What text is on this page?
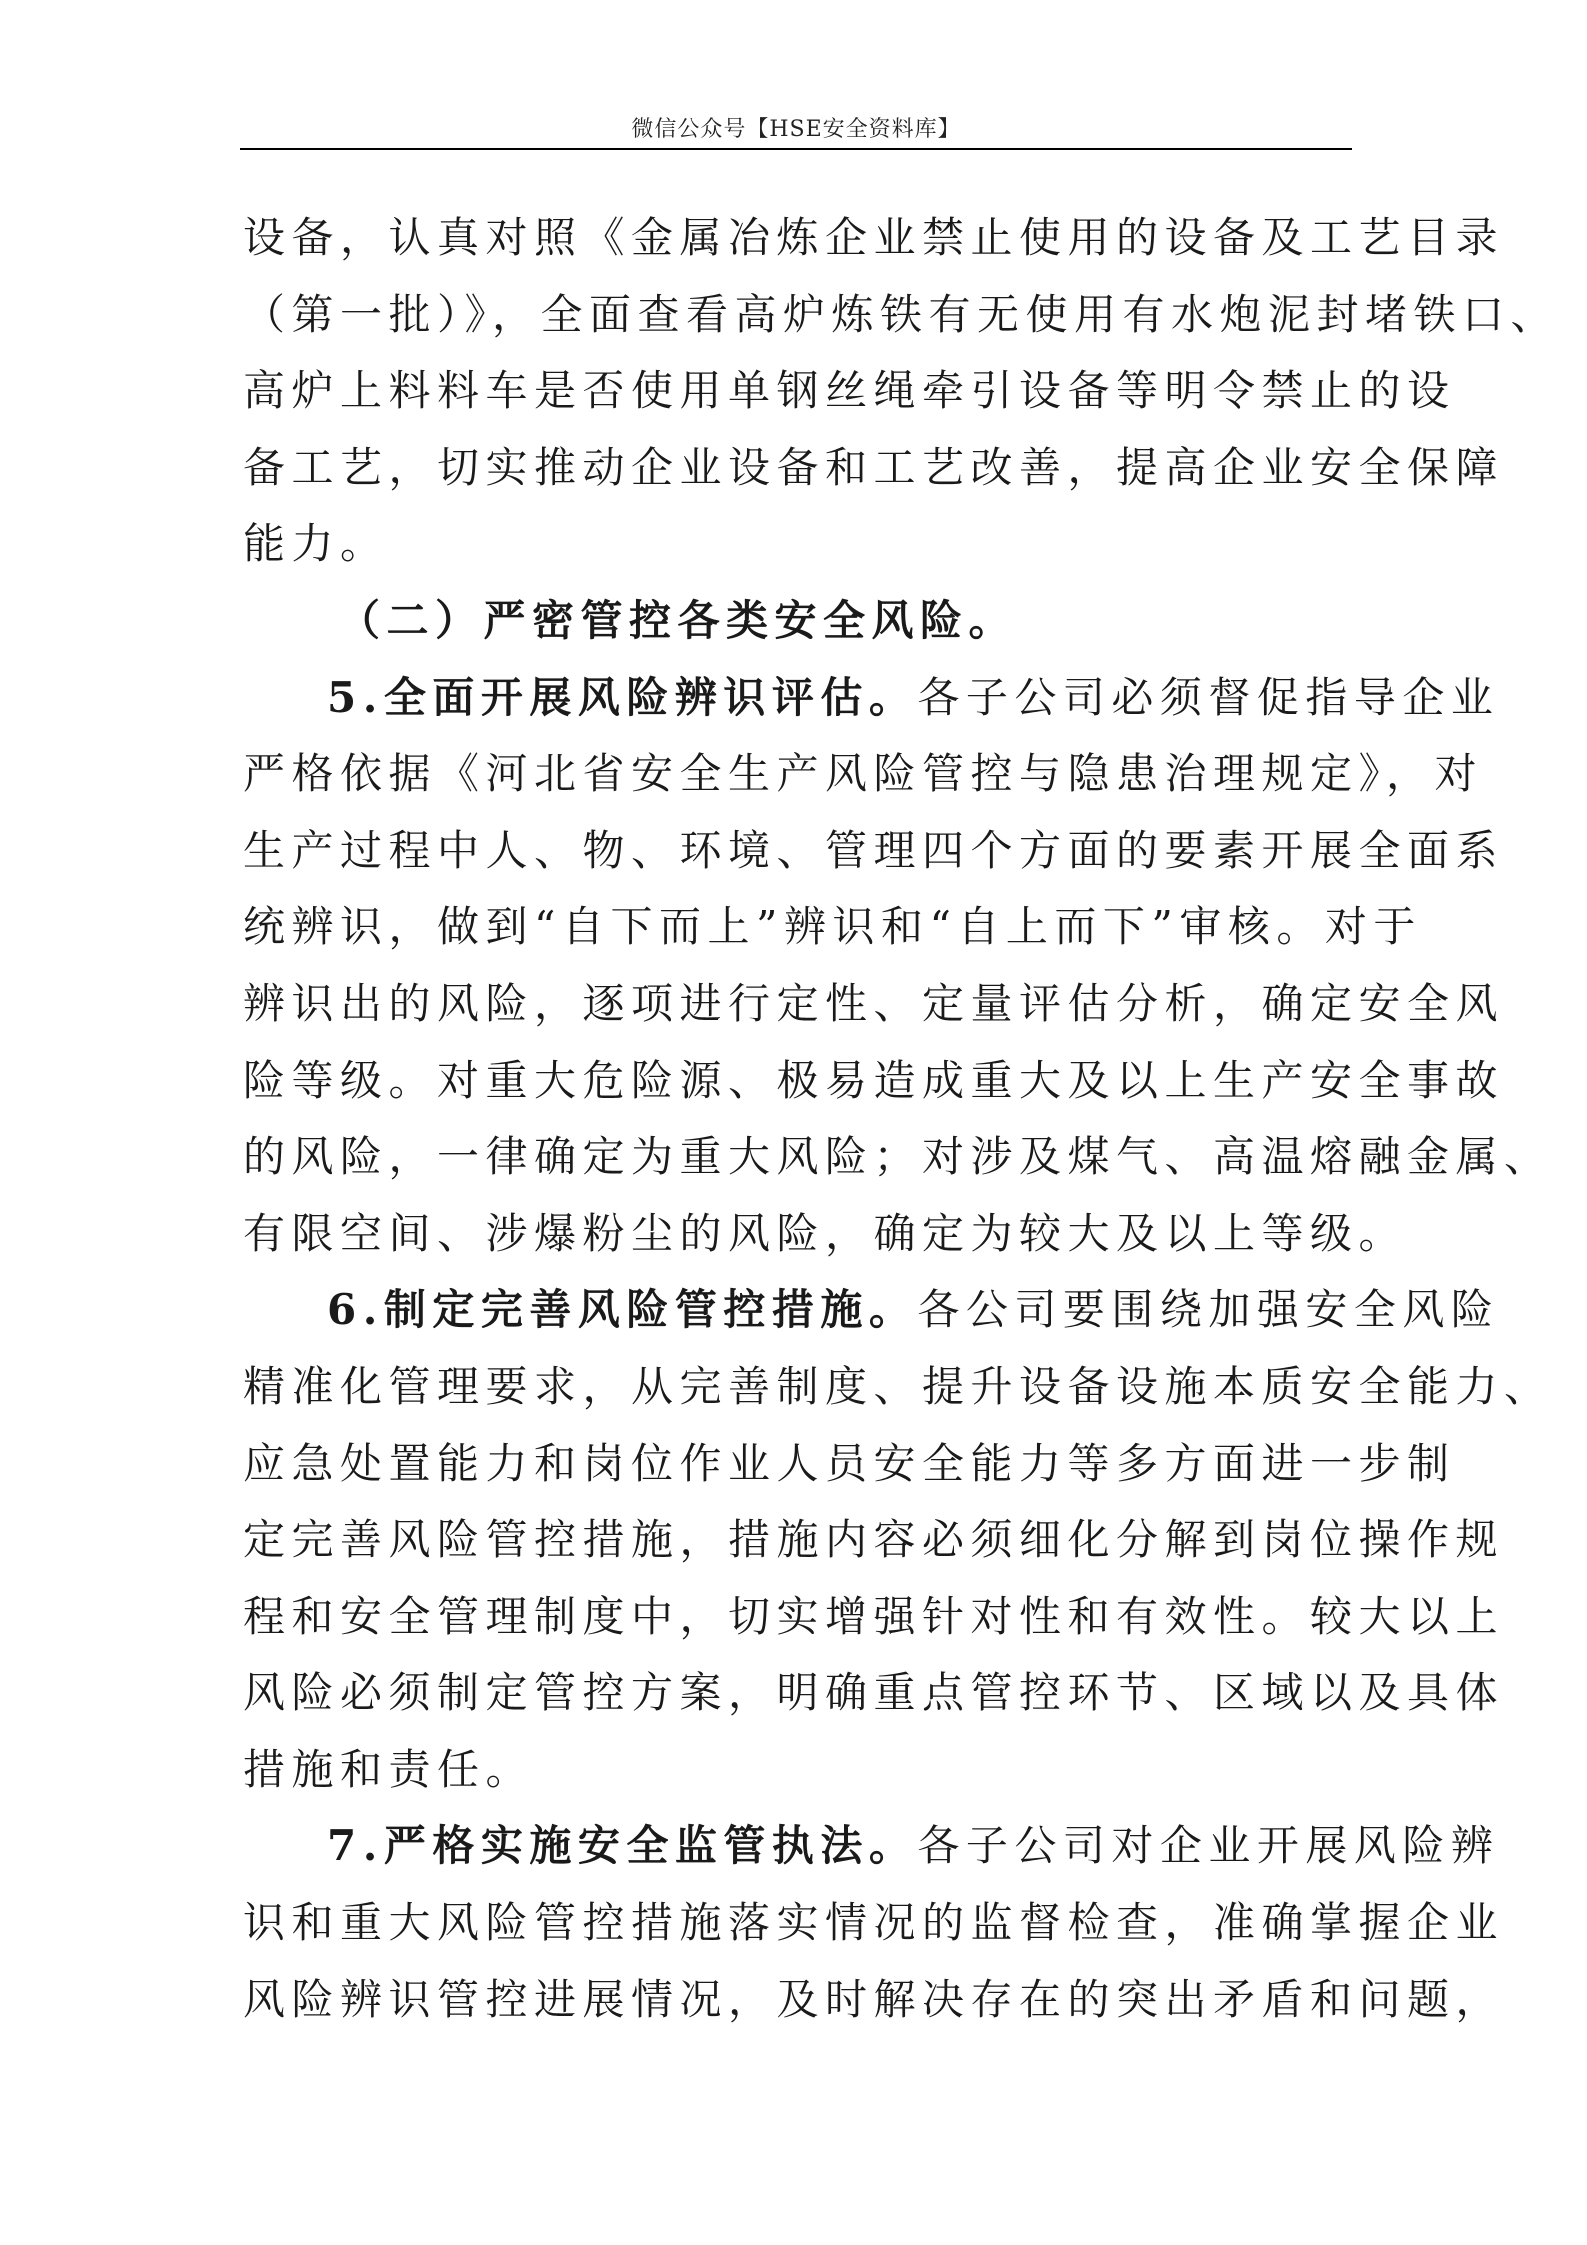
微信公众号【HSE安全资料库】
设备，认真对照《金属冶炼企业禁止使用的设备及工艺目录
（第一批）》，全面查看高炉炼铁有无使用有水炮泥封堵铁口、
高炉上料料车是否使用单钢丝绳牵引设备等明令禁止的设
备工艺，切实推动企业设备和工艺改善，提高企业安全保障
能力。
（二）严密管控各类安全风险。
5.全面开展风险辨识评估。各子公司必须督促指导企业
严格依据《河北省安全生产风险管控与隐患治理规定》，对
生产过程中人、物、环境、管理四个方面的要素开展全面系
统辨识，做到“自下而上”辨识和“自上而下”审核。对于
辨识出的风险，逐项进行定性、定量评估分析，确定安全风
险等级。对重大危险源、极易造成重大及以上生产安全事故
的风险，一律确定为重大风险；对涉及煤气、高温熔融金属、
有限空间、涉爆粉尘的风险，确定为较大及以上等级。
6.制定完善风险管控措施。各公司要围绕加强安全风险
精准化管理要求，从完善制度、提升设备设施本质安全能力、
应急处置能力和岗位作业人员安全能力等多方面进一步制
定完善风险管控措施，措施内容必须细化分解到岗位操作规
程和安全管理制度中，切实增强针对性和有效性。较大以上
风险必须制定管控方案，明确重点管控环节、区域以及具体
措施和责任。
7.严格实施安全监管执法。各子公司对企业开展风险辨
识和重大风险管控措施落实情况的监督检查，准确掌握企业
风险辨识管控进展情况，及时解决存在的突出矛盾和问题，
